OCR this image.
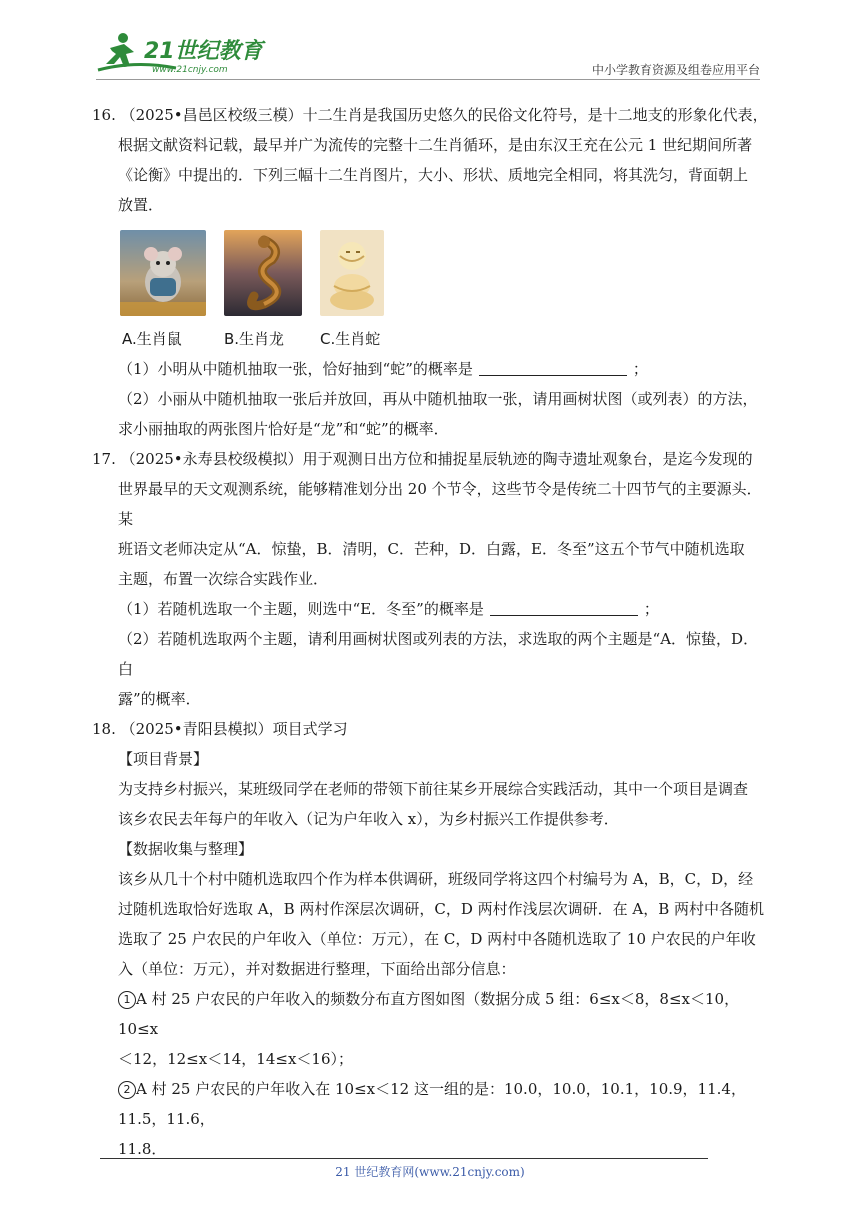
21世纪教育
www.21cnjy.com	中小学教育资源及组卷应用平台

16. （2025•昌邑区校级三模）十二生肖是我国历史悠久的民俗文化符号，是十二地支的形象化代表，

根据文献资料记载，最早并广为流传的完整十二生肖循环，是由东汉王充在公元 1 世纪期间所著

《论衡》中提出的．下列三幅十二生肖图片，大小、形状、质地完全相同，将其洗匀，背面朝上

放置．

A.生肖鼠	B.生肖龙 C.生肖蛇

（1）小明从中随机抽取一张，恰好抽到“蛇”的概率是	；

（2）小丽从中随机抽取一张后并放回，再从中随机抽取一张，请用画树状图（或列表）的方法，

求小丽抽取的两张图片恰好是“龙”和“蛇”的概率．

17. （2025•永寿县校级模拟）用于观测日出方位和捕捉星辰轨迹的陶寺遗址观象台，是迄今发现的

世界最早的天文观测系统，能够精准划分出 20 个节令，这些节令是传统二十四节气的主要源头．某

班语文老师决定从“A．惊蛰，B．清明，C．芒种，D．白露，E．冬至”这五个节气中随机选取

主题，布置一次综合实践作业．

（1）若随机选取一个主题，则选中“E．冬至”的概率是	；

（2）若随机选取两个主题，请利用画树状图或列表的方法，求选取的两个主题是“A．惊蛰，D．白

露”的概率．

18. （2025•青阳县模拟）项目式学习

【项目背景】

为支持乡村振兴，某班级同学在老师的带领下前往某乡开展综合实践活动，其中一个项目是调查

该乡农民去年每户的年收入（记为户年收入 x），为乡村振兴工作提供参考．

【数据收集与整理】

该乡从几十个村中随机选取四个作为样本供调研，班级同学将这四个村编号为 A，B，C，D，经

过随机选取恰好选取 A，B 两村作深层次调研，C，D 两村作浅层次调研．在 A，B 两村中各随机

选取了 25 户农民的户年收入（单位：万元），在 C，D 两村中各随机选取了 10 户农民的户年收

入（单位：万元），并对数据进行整理，下面给出部分信息：

1 A 村 25 户农民的户年收入的频数分布直方图如图（数据分成 5 组：6≤x＜8，8≤x＜10，10≤x

＜12，12≤x＜14，14≤x＜16）；

2 A 村 25 户农民的户年收入在 10≤x＜12 这一组的是：10.0，10.0，10.1，10.9，11.4，11.5，11.6，

11.8．

21 世纪教育网(www.21cnjy.com)
